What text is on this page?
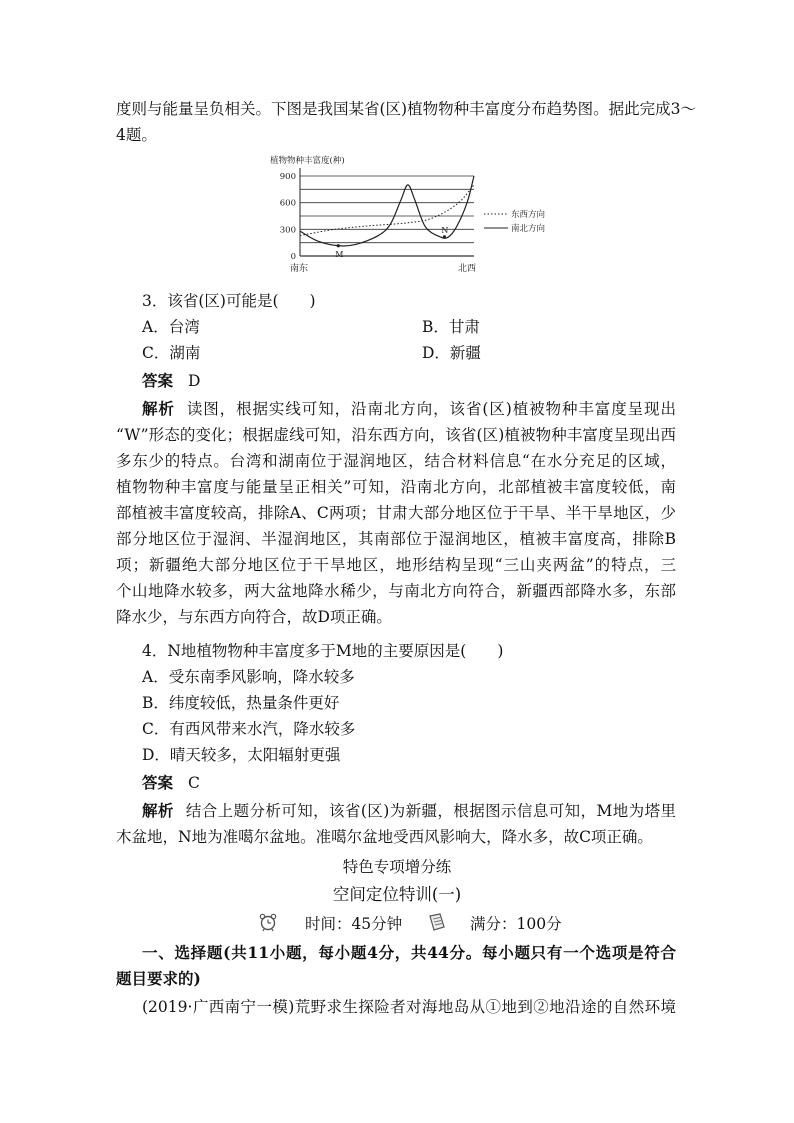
度则与能量呈负相关。下图是我国某省(区)植物物种丰富度分布趋势图。据此完成3～
4题。
植物物种丰富度(种)
900
600
300
0	M
N
东西方向
南北方向
南东	北西
3．该省(区)可能是(　　)
A．台湾	B．甘肃
C．湖南	D．新疆
答案 D
解析 读图，根据实线可知，沿南北方向，该省(区)植被物种丰富度呈现出
“W”形态的变化；根据虚线可知，沿东西方向，该省(区)植被物种丰富度呈现出西
多东少的特点。台湾和湖南位于湿润地区，结合材料信息“在水分充足的区域，
植物物种丰富度与能量呈正相关”可知，沿南北方向，北部植被丰富度较低，南
部植被丰富度较高，排除A、C两项；甘肃大部分地区位于干旱、半干旱地区，少
部分地区位于湿润、半湿润地区，其南部位于湿润地区，植被丰富度高，排除B
项；新疆绝大部分地区位于干旱地区，地形结构呈现“三山夹两盆”的特点，三
个山地降水较多，两大盆地降水稀少，与南北方向符合，新疆西部降水多，东部
降水少，与东西方向符合，故D项正确。
4．N地植物物种丰富度多于M地的主要原因是(　　)
A．受东南季风影响，降水较多
B．纬度较低，热量条件更好
C．有西风带来水汽，降水较多
D．晴天较多，太阳辐射更强
答案 C
解析 结合上题分析可知，该省(区)为新疆，根据图示信息可知，M地为塔里
木盆地，N地为准噶尔盆地。准噶尔盆地受西风影响大，降水多，故C项正确。
特色专项增分练
空间定位特训(一)
时间：45分钟	满分：100分
一、选择题(共11小题，每小题4分，共44分。每小题只有一个选项是符合
题目要求的)
(2019·广西南宁一模)荒野求生探险者对海地岛从①地到②地沿途的自然环境
